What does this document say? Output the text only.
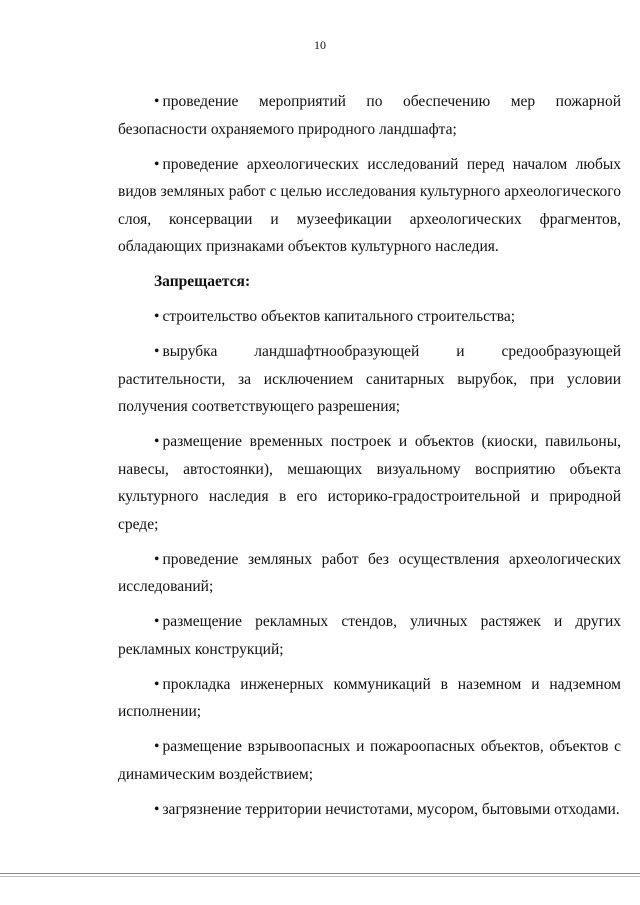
10

• проведение мероприятий по обеспечению мер пожарной безопасности охраняемого природного ландшафта;

• проведение археологических исследований перед началом любых видов земляных работ с целью исследования культурного археологического слоя, консервации и музеефикации археологических фрагментов, обладающих признаками объектов культурного наследия.

Запрещается:

• строительство объектов капитального строительства;

• вырубка ландшафтнообразующей и средообразующей растительности, за исключением санитарных вырубок, при условии получения соответствующего разрешения;

• размещение временных построек и объектов (киоски, павильоны, навесы, автостоянки), мешающих визуальному восприятию объекта культурного наследия в его историко-градостроительной и природной среде;

• проведение земляных работ без осуществления археологических исследований;

• размещение рекламных стендов, уличных растяжек и других рекламных конструкций;

• прокладка инженерных коммуникаций в наземном и надземном исполнении;

• размещение взрывоопасных и пожароопасных объектов, объектов с динамическим воздействием;

• загрязнение территории нечистотами, мусором, бытовыми отходами.
